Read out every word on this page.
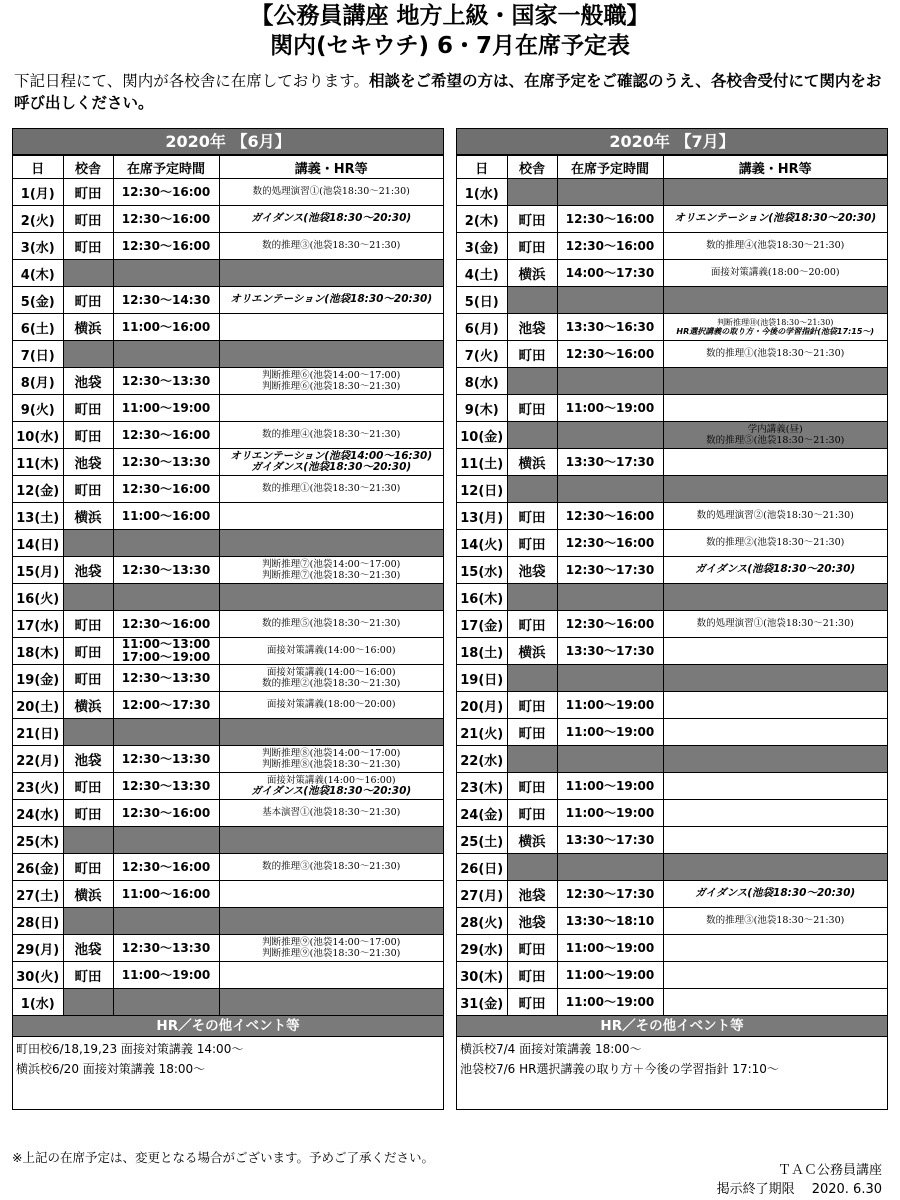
【公務員講座 地方上級・国家一般職】
関内(セキウチ) 6・7月在席予定表
下記日程にて、関内が各校舎に在席しております。相談をご希望の方は、在席予定をご確認のうえ、各校舎受付にて関内をお呼び出しください。
2020年 【6月】
日	校舎	在席予定時間	講義・HR等
1(月)	町田	12:30～16:00	数的処理演習①(池袋18:30～21:30)

2(火)	町田	12:30～16:00	ガイダンス(池袋18:30～20:30)

3(水)	町田	12:30～16:00	数的推理③(池袋18:30～21:30)

4(木)			
5(金)	町田	12:30～14:30	オリエンテーション(池袋18:30～20:30)

6(土)	横浜	11:00～16:00	

7(日)			
8(月)	池袋	12:30～13:30	判断推理⑥(池袋14:00～17:00)
判断推理⑥(池袋18:30～21:30)

9(火)	町田	11:00～19:00	

10(水)	町田	12:30～16:00	数的推理④(池袋18:30～21:30)

11(木)	池袋	12:30～13:30	オリエンテーション(池袋14:00～16:30)
ガイダンス(池袋18:30～20:30)

12(金)	町田	12:30～16:00	数的推理①(池袋18:30～21:30)

13(土)	横浜	11:00～16:00	

14(日)			
15(月)	池袋	12:30～13:30	判断推理⑦(池袋14:00～17:00)
判断推理⑦(池袋18:30～21:30)

16(火)			
17(水)	町田	12:30～16:00	数的推理⑤(池袋18:30～21:30)

18(木)	町田	11:00～13:00
17:00～19:00	面接対策講義(14:00～16:00)

19(金)	町田	12:30～13:30	面接対策講義(14:00～16:00)
数的推理②(池袋18:30～21:30)

20(土)	横浜	12:00～17:30	面接対策講義(18:00～20:00)

21(日)			
22(月)	池袋	12:30～13:30	判断推理⑧(池袋14:00～17:00)
判断推理⑧(池袋18:30～21:30)

23(火)	町田	12:30～13:30	面接対策講義(14:00～16:00)
ガイダンス(池袋18:30～20:30)

24(水)	町田	12:30～16:00	基本演習①(池袋18:30～21:30)

25(木)			
26(金)	町田	12:30～16:00	数的推理③(池袋18:30～21:30)

27(土)	横浜	11:00～16:00	

28(日)			
29(月)	池袋	12:30～13:30	判断推理⑨(池袋14:00～17:00)
判断推理⑨(池袋18:30～21:30)

30(火)	町田	11:00～19:00	

1(水)			
HR／その他イベント等
町田校6/18,19,23 面接対策講義 14:00～
横浜校6/20 面接対策講義 18:00～
2020年 【7月】
日	校舎	在席予定時間	講義・HR等
1(水)			
2(木)	町田	12:30～16:00	オリエンテーション(池袋18:30～20:30)

3(金)	町田	12:30～16:00	数的推理④(池袋18:30～21:30)

4(土)	横浜	14:00～17:30	面接対策講義(18:00～20:00)

5(日)			
6(月)	池袋	13:30～16:30	判断推理⑩(池袋18:30～21:30)
HR選択講義の取り方・今後の学習指針(池袋17:15～)

7(火)	町田	12:30～16:00	数的推理①(池袋18:30～21:30)

8(水)			
9(木)	町田	11:00～19:00	

10(金)			学内講義(昼)
数的推理⑤(池袋18:30～21:30)

11(土)	横浜	13:30～17:30	

12(日)			
13(月)	町田	12:30～16:00	数的処理演習②(池袋18:30～21:30)

14(火)	町田	12:30～16:00	数的推理②(池袋18:30～21:30)

15(水)	池袋	12:30～17:30	ガイダンス(池袋18:30～20:30)

16(木)			
17(金)	町田	12:30～16:00	数的処理演習①(池袋18:30～21:30)

18(土)	横浜	13:30～17:30	

19(日)			
20(月)	町田	11:00～19:00	

21(火)	町田	11:00～19:00	

22(水)			
23(木)	町田	11:00～19:00	

24(金)	町田	11:00～19:00	

25(土)	横浜	13:30～17:30	

26(日)			
27(月)	池袋	12:30～17:30	ガイダンス(池袋18:30～20:30)

28(火)	池袋	13:30～18:10	数的推理③(池袋18:30～21:30)

29(水)	町田	11:00～19:00	

30(木)	町田	11:00～19:00	

31(金)	町田	11:00～19:00	

HR／その他イベント等
横浜校7/4 面接対策講義 18:00～
池袋校7/6 HR選択講義の取り方＋今後の学習指針 17:10～
※上記の在席予定は、変更となる場合がございます。予めご了承ください。
ＴＡＣ公務員講座
掲示終了期限　 2020. 6.30
